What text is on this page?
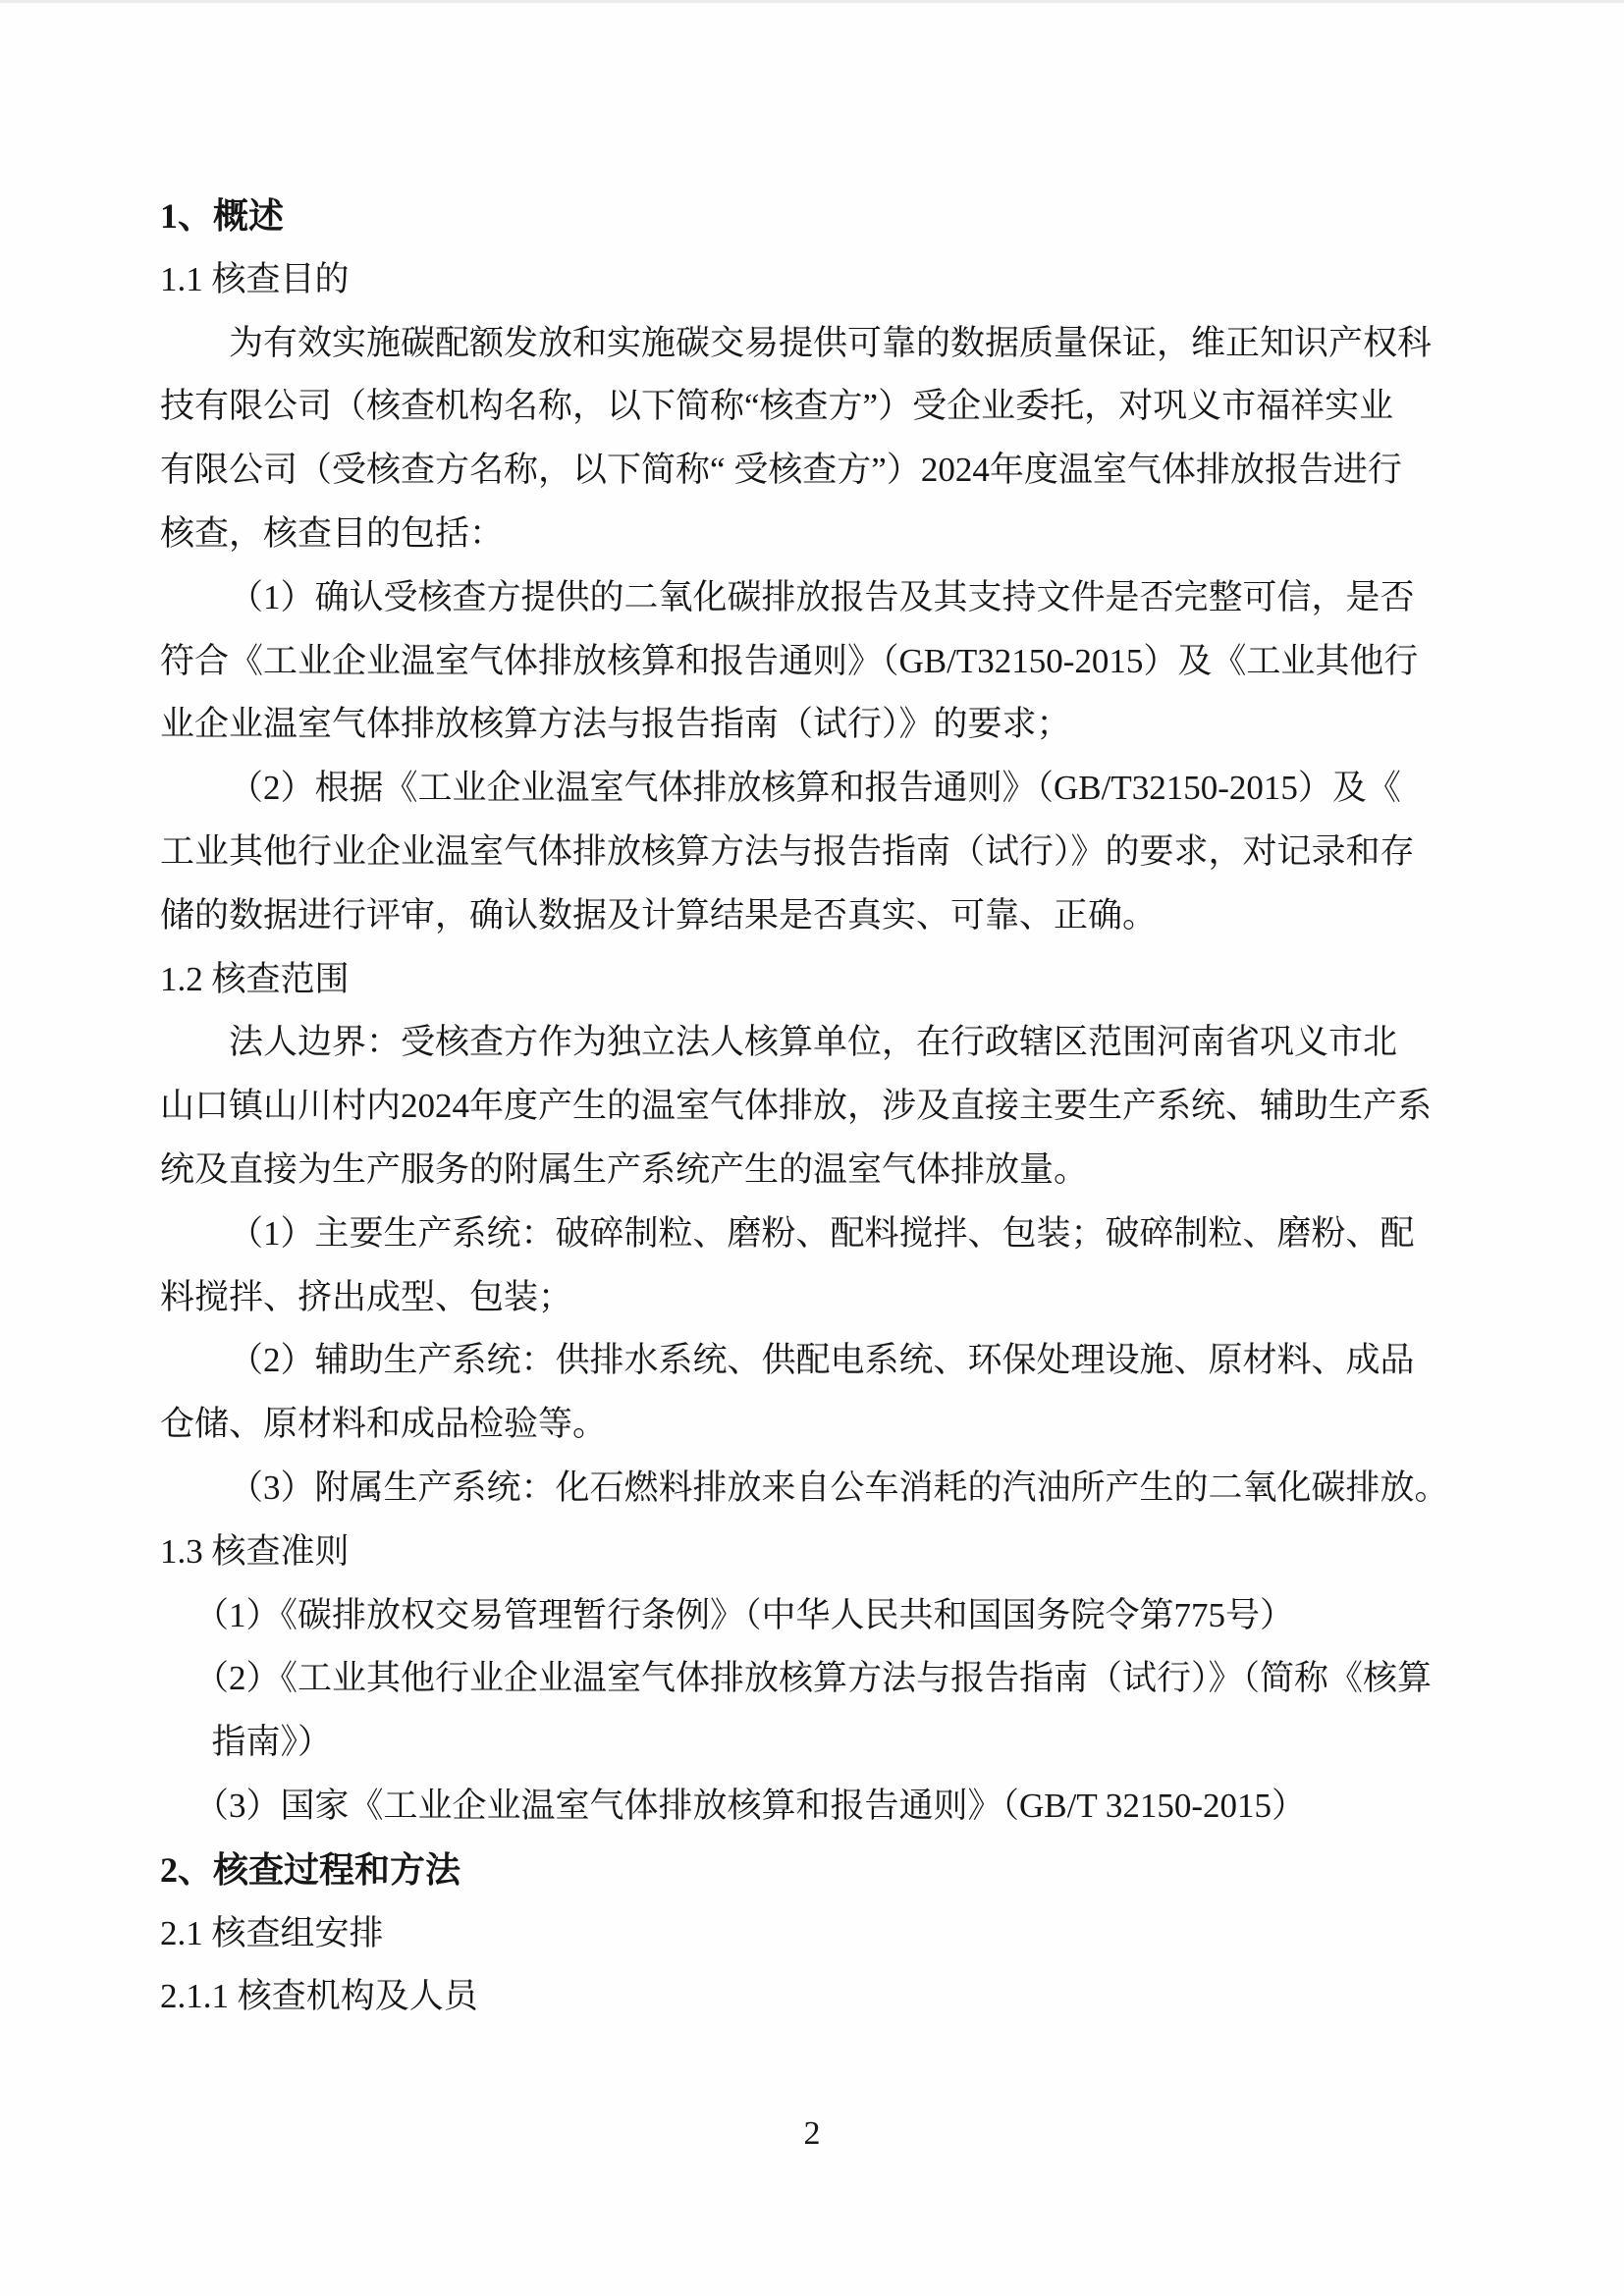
1、概述
1.1 核查目的
为有效实施碳配额发放和实施碳交易提供可靠的数据质量保证，维正知识产权科
技有限公司（核查机构名称，以下简称“核查方”）受企业委托，对巩义市福祥实业
有限公司（受核查方名称，以下简称“ 受核查方”）2024年度温室气体排放报告进行
核查，核查目的包括：
（1）确认受核查方提供的二氧化碳排放报告及其支持文件是否完整可信，是否
符合《工业企业温室气体排放核算和报告通则》（GB/T32150-2015）及《工业其他行
业企业温室气体排放核算方法与报告指南（试行）》的要求；
（2）根据《工业企业温室气体排放核算和报告通则》（GB/T32150-2015）及《
工业其他行业企业温室气体排放核算方法与报告指南（试行）》的要求，对记录和存
储的数据进行评审，确认数据及计算结果是否真实、可靠、正确。
1.2 核查范围
法人边界：受核查方作为独立法人核算单位，在行政辖区范围河南省巩义市北
山口镇山川村内2024年度产生的温室气体排放，涉及直接主要生产系统、辅助生产系
统及直接为生产服务的附属生产系统产生的温室气体排放量。
（1）主要生产系统：破碎制粒、磨粉、配料搅拌、包装；破碎制粒、磨粉、配
料搅拌、挤出成型、包装；
（2）辅助生产系统：供排水系统、供配电系统、环保处理设施、原材料、成品
仓储、原材料和成品检验等。
（3）附属生产系统：化石燃料排放来自公车消耗的汽油所产生的二氧化碳排放。
1.3 核查准则
（1）《碳排放权交易管理暂行条例》（中华人民共和国国务院令第775号）
（2）《工业其他行业企业温室气体排放核算方法与报告指南（试行）》（简称《核算
指南》）
（3）国家《工业企业温室气体排放核算和报告通则》（GB/T 32150-2015）
2、核查过程和方法
2.1 核查组安排
2.1.1 核查机构及人员
2
